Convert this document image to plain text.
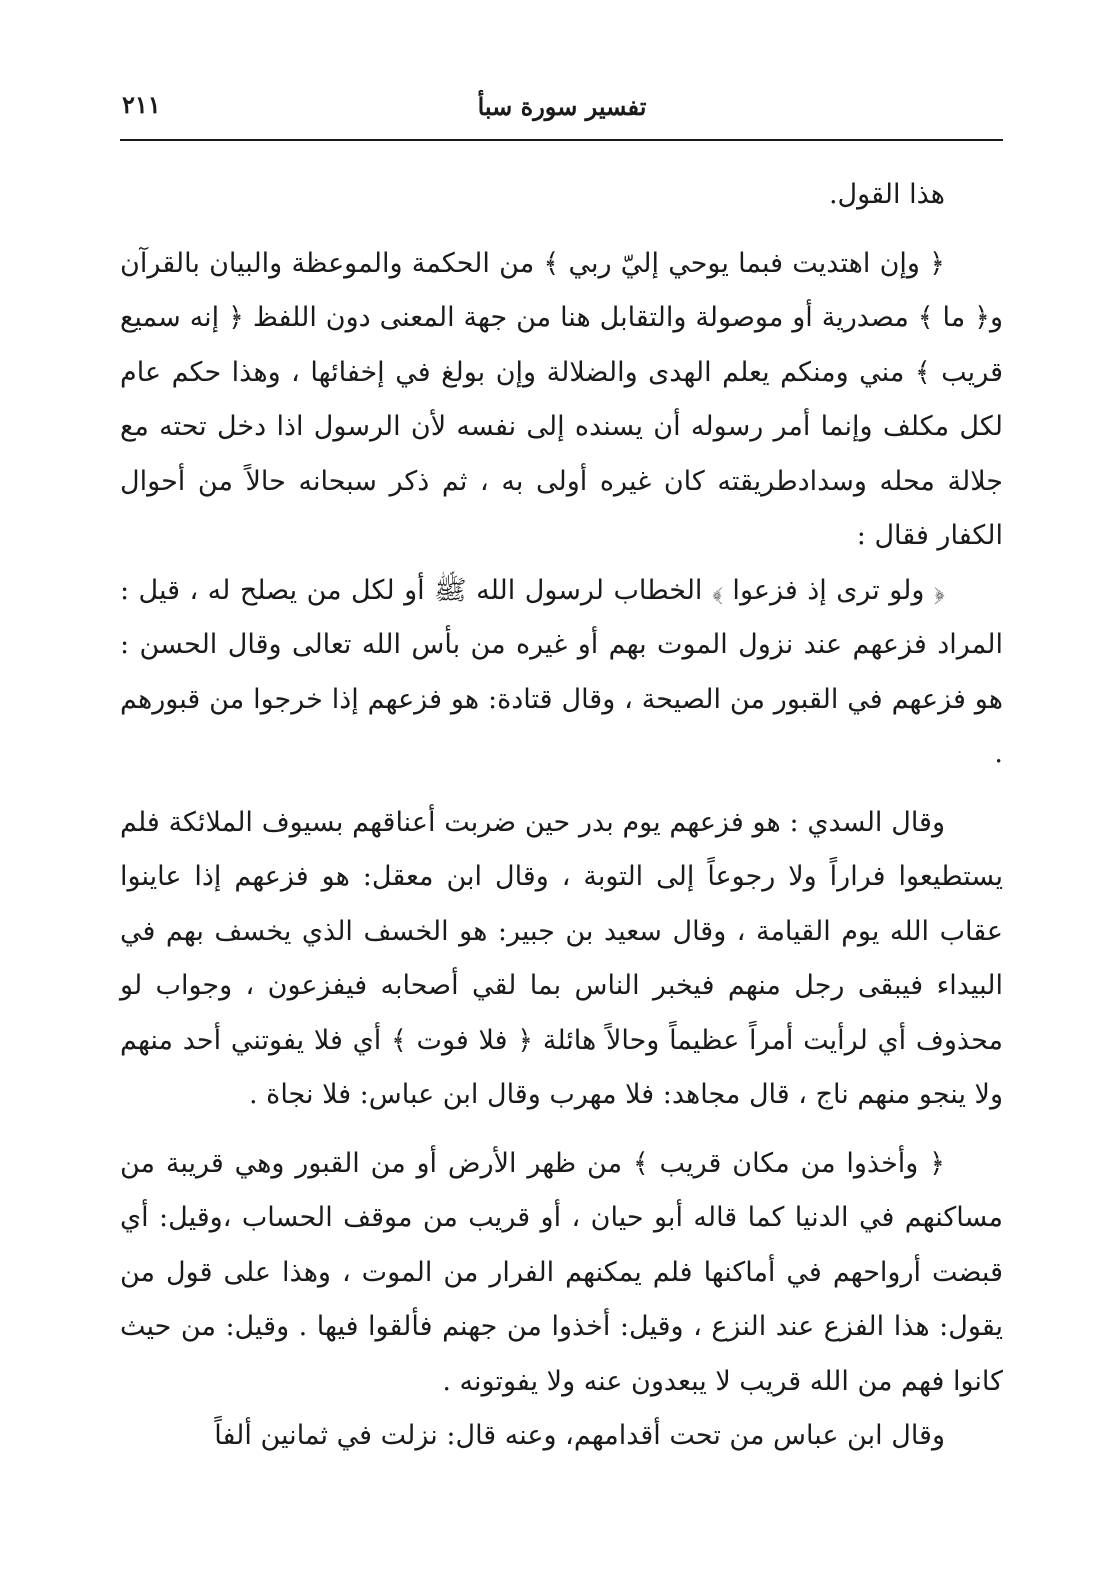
تفسير سورة سبأ
٢١١

هذا القول.

﴿ وإن اهتديت فبما يوحي إليّ ربي ﴾ من الحكمة والموعظة والبيان بالقرآن و﴿ ما ﴾ مصدرية أو موصولة والتقابل هنا من جهة المعنى دون اللفظ ﴿ إنه سميع قريب ﴾ مني ومنكم يعلم الهدى والضلالة وإن بولغ في إخفائها ، وهذا حكم عام لكل مكلف وإنما أمر رسوله أن يسنده إلى نفسه لأن الرسول اذا دخل تحته مع جلالة محله وسدادطريقته كان غيره أولى به ، ثم ذكر سبحانه حالاً من أحوال الكفار فقال :

﴿ ولو ترى إذ فزعوا ﴾ الخطاب لرسول الله ﷺ أو لكل من يصلح له ، قيل : المراد فزعهم عند نزول الموت بهم أو غيره من بأس الله تعالى وقال الحسن : هو فزعهم في القبور من الصيحة ، وقال قتادة: هو فزعهم إذا خرجوا من قبورهم .

وقال السدي : هو فزعهم يوم بدر حين ضربت أعناقهم بسيوف الملائكة فلم يستطيعوا فراراً ولا رجوعاً إلى التوبة ، وقال ابن معقل: هو فزعهم إذا عاينوا عقاب الله يوم القيامة ، وقال سعيد بن جبير: هو الخسف الذي يخسف بهم في البيداء فيبقى رجل منهم فيخبر الناس بما لقي أصحابه فيفزعون ، وجواب لو محذوف أي لرأيت أمراً عظيماً وحالاً هائلة ﴿ فلا فوت ﴾ أي فلا يفوتني أحد منهم ولا ينجو منهم ناج ، قال مجاهد: فلا مهرب وقال ابن عباس: فلا نجاة .

﴿ وأخذوا من مكان قريب ﴾ من ظهر الأرض أو من القبور وهي قريبة من مساكنهم في الدنيا كما قاله أبو حيان ، أو قريب من موقف الحساب ،وقيل: أي قبضت أرواحهم في أماكنها فلم يمكنهم الفرار من الموت ، وهذا على قول من يقول: هذا الفزع عند النزع ، وقيل: أخذوا من جهنم فألقوا فيها . وقيل: من حيث كانوا فهم من الله قريب لا يبعدون عنه ولا يفوتونه .

وقال ابن عباس من تحت أقدامهم، وعنه قال: نزلت في ثمانين ألفاً
